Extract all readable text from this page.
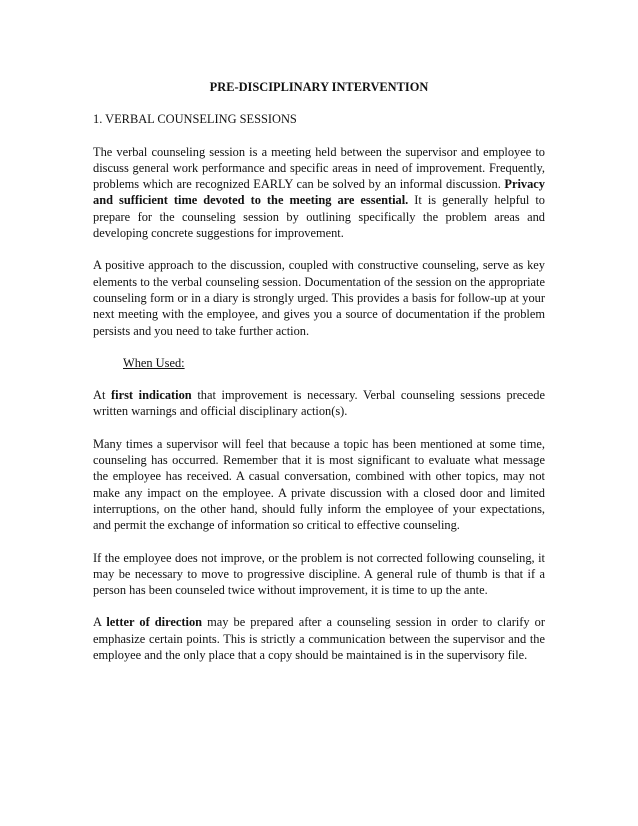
PRE-DISCIPLINARY INTERVENTION
1. VERBAL COUNSELING SESSIONS
The verbal counseling session is a meeting held between the supervisor and employee to discuss general work performance and specific areas in need of improvement. Frequently, problems which are recognized EARLY can be solved by an informal discussion. Privacy and sufficient time devoted to the meeting are essential. It is generally helpful to prepare for the counseling session by outlining specifically the problem areas and developing concrete suggestions for improvement.
A positive approach to the discussion, coupled with constructive counseling, serve as key elements to the verbal counseling session. Documentation of the session on the appropriate counseling form or in a diary is strongly urged. This provides a basis for follow-up at your next meeting with the employee, and gives you a source of documentation if the problem persists and you need to take further action.
When Used:
At first indication that improvement is necessary. Verbal counseling sessions precede written warnings and official disciplinary action(s).
Many times a supervisor will feel that because a topic has been mentioned at some time, counseling has occurred. Remember that it is most significant to evaluate what message the employee has received. A casual conversation, combined with other topics, may not make any impact on the employee. A private discussion with a closed door and limited interruptions, on the other hand, should fully inform the employee of your expectations, and permit the exchange of information so critical to effective counseling.
If the employee does not improve, or the problem is not corrected following counseling, it may be necessary to move to progressive discipline. A general rule of thumb is that if a person has been counseled twice without improvement, it is time to up the ante.
A letter of direction may be prepared after a counseling session in order to clarify or emphasize certain points. This is strictly a communication between the supervisor and the employee and the only place that a copy should be maintained is in the supervisory file.
